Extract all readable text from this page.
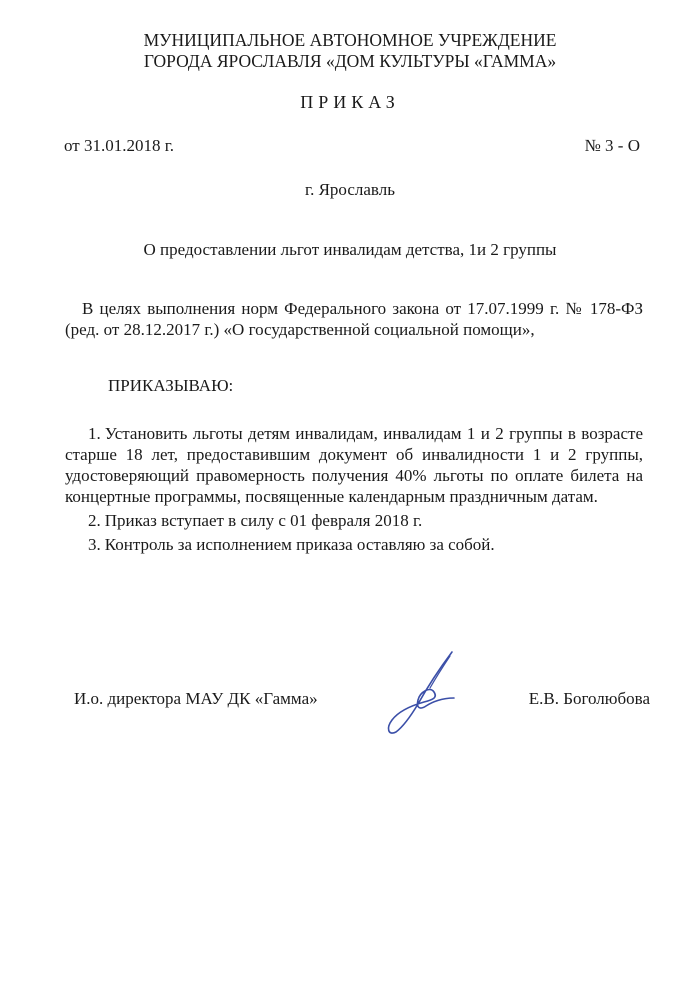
МУНИЦИПАЛЬНОЕ АВТОНОМНОЕ УЧРЕЖДЕНИЕ
ГОРОДА ЯРОСЛАВЛЯ «ДОМ КУЛЬТУРЫ «ГАММА»
ПРИКАЗ
от 31.01.2018 г.	№ 3 - О
г. Ярославль
О предоставлении льгот инвалидам детства, 1и 2 группы
В целях выполнения норм Федерального закона от 17.07.1999 г. № 178-ФЗ (ред. от 28.12.2017 г.) «О государственной социальной помощи»,
ПРИКАЗЫВАЮ:

1. Установить льготы детям инвалидам, инвалидам 1 и 2 группы в возрасте старше 18 лет, предоставившим документ об инвалидности 1 и 2 группы, удостоверяющий правомерность получения 40% льготы по оплате билета на концертные программы, посвященные календарным праздничным датам.

2. Приказ вступает в силу с 01 февраля 2018 г.

3. Контроль за исполнением приказа оставляю за собой.

И.о. директора МАУ ДК «Гамма»	Е.В. Боголюбова
